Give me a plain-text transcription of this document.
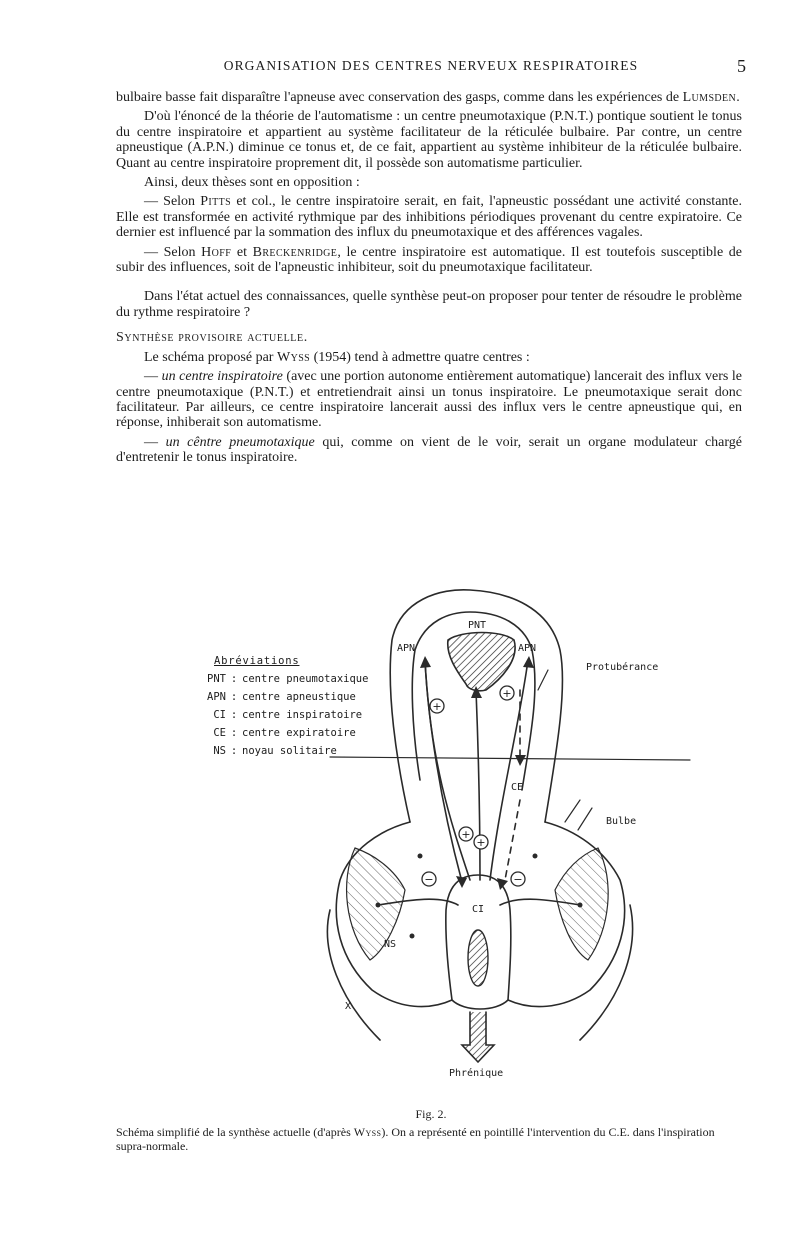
ORGANISATION DES CENTRES NERVEUX RESPIRATOIRES	5

bulbaire basse fait disparaître l'apneuse avec conservation des gasps, comme dans les expériences de Lumsden.

D'où l'énoncé de la théorie de l'automatisme : un centre pneumotaxique (P.N.T.) pontique soutient le tonus du centre inspiratoire et appartient au système facilitateur de la réticulée bulbaire. Par contre, un centre apneustique (A.P.N.) diminue ce tonus et, de ce fait, appartient au système inhibiteur de la réticulée bulbaire. Quant au centre inspiratoire proprement dit, il possède son automatisme particulier.

Ainsi, deux thèses sont en opposition :

— Selon Pitts et col., le centre inspiratoire serait, en fait, l'apneustic possédant une activité constante. Elle est transformée en activité rythmique par des inhibitions périodiques provenant du centre expiratoire. Ce dernier est influencé par la sommation des influx du pneumotaxique et des afférences vagales.

— Selon Hoff et Breckenridge, le centre inspiratoire est automatique. Il est toutefois susceptible de subir des influences, soit de l'apneustic inhibiteur, soit du pneumotaxique facilitateur.

Dans l'état actuel des connaissances, quelle synthèse peut-on proposer pour tenter de résoudre le problème du rythme respiratoire ?

Synthèse provisoire actuelle.

Le schéma proposé par Wyss (1954) tend à admettre quatre centres :

— un centre inspiratoire (avec une portion autonome entièrement automatique) lancerait des influx vers le centre pneumotaxique (P.N.T.) et entretiendrait ainsi un tonus inspiratoire. Le pneumotaxique serait donc facilitateur. Par ailleurs, ce centre inspiratoire lancerait aussi des influx vers le centre apneustique qui, en réponse, inhiberait son automatisme.

— un cêntre pneumotaxique qui, comme on vient de le voir, serait un organe modulateur chargé d'entretenir le tonus inspiratoire.

+
+
+
+
−	−
Abréviations
PNT : centre pneumotaxique
APN : centre apneustique
CI : centre inspiratoire
CE : centre expiratoire
NS : noyau solitaire
PNT
APN	APN
Protubérance
CE
Bulbe
CI
NS
X
Phrénique
Fig. 2.
Schéma simplifié de la synthèse actuelle (d'après Wyss). On a représenté en pointillé l'intervention du C.E. dans l'inspiration supra-normale.
